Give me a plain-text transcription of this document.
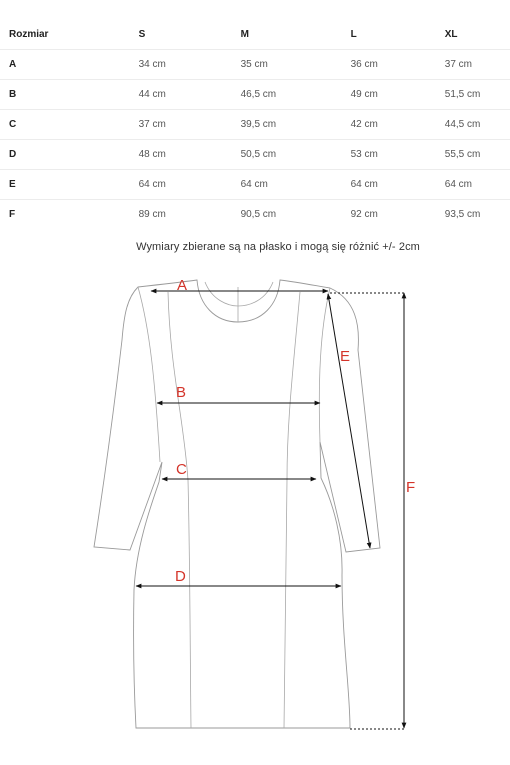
Rozmiar	S	M	L	XL
A	34 cm	35 cm	36 cm	37 cm
B	44 cm	46,5 cm	49 cm	51,5 cm
C	37 cm	39,5 cm	42 cm	44,5 cm
D	48 cm	50,5 cm	53 cm	55,5 cm
E	64 cm	64 cm	64 cm	64 cm
F	89 cm	90,5 cm	92 cm	93,5 cm
Wymiary zbierane są na płasko i mogą się różnić +/- 2cm
A
B
C
D
E
F
